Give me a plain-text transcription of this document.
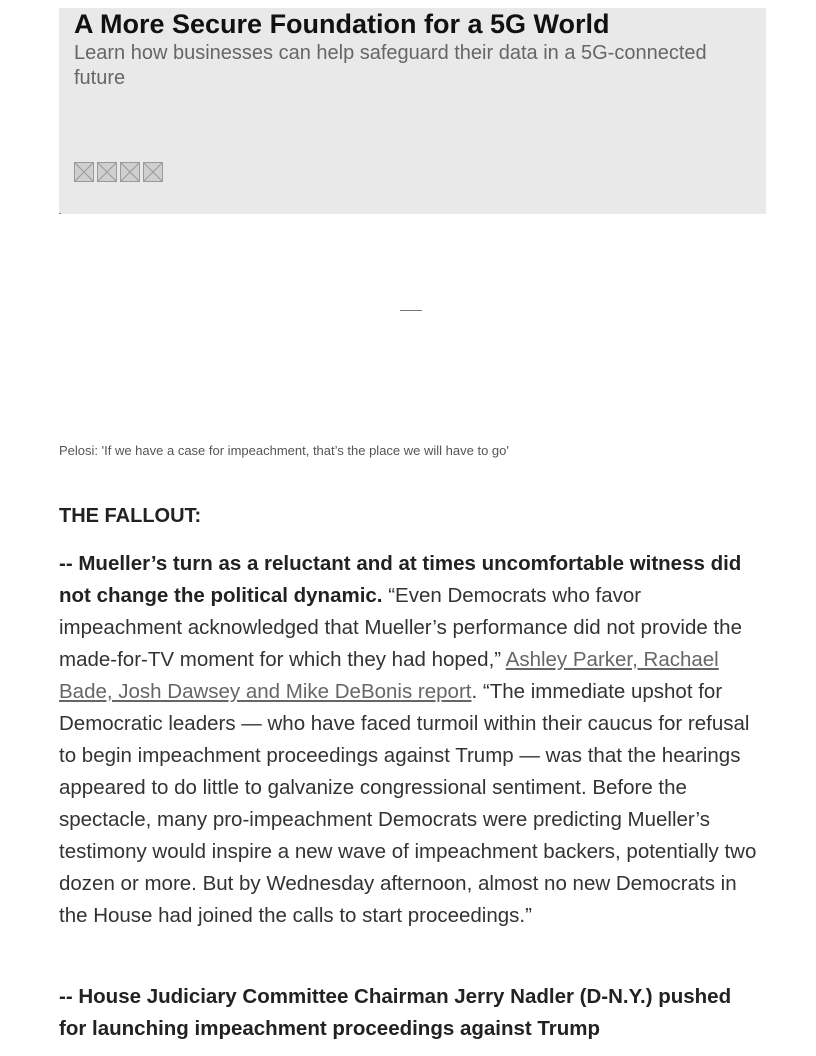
A More Secure Foundation for a 5G World

Learn how businesses can help safeguard their data in a 5G-connected future

Pelosi: 'If we have a case for impeachment, that’s the place we will have to go'

THE FALLOUT:

-- Mueller’s turn as a reluctant and at times uncomfortable witness did not change the political dynamic. “Even Democrats who favor impeachment acknowledged that Mueller’s performance did not provide the made-for-TV moment for which they had hoped,” Ashley Parker, Rachael Bade, Josh Dawsey and Mike DeBonis report. “The immediate upshot for Democratic leaders — who have faced turmoil within their caucus for refusal to begin impeachment proceedings against Trump — was that the hearings appeared to do little to galvanize congressional sentiment. Before the spectacle, many pro-impeachment Democrats were predicting Mueller’s testimony would inspire a new wave of impeachment backers, potentially two dozen or more. But by Wednesday afternoon, almost no new Democrats in the House had joined the calls to start proceedings.”

-- House Judiciary Committee Chairman Jerry Nadler (D-N.Y.) pushed for launching impeachment proceedings against Trump
